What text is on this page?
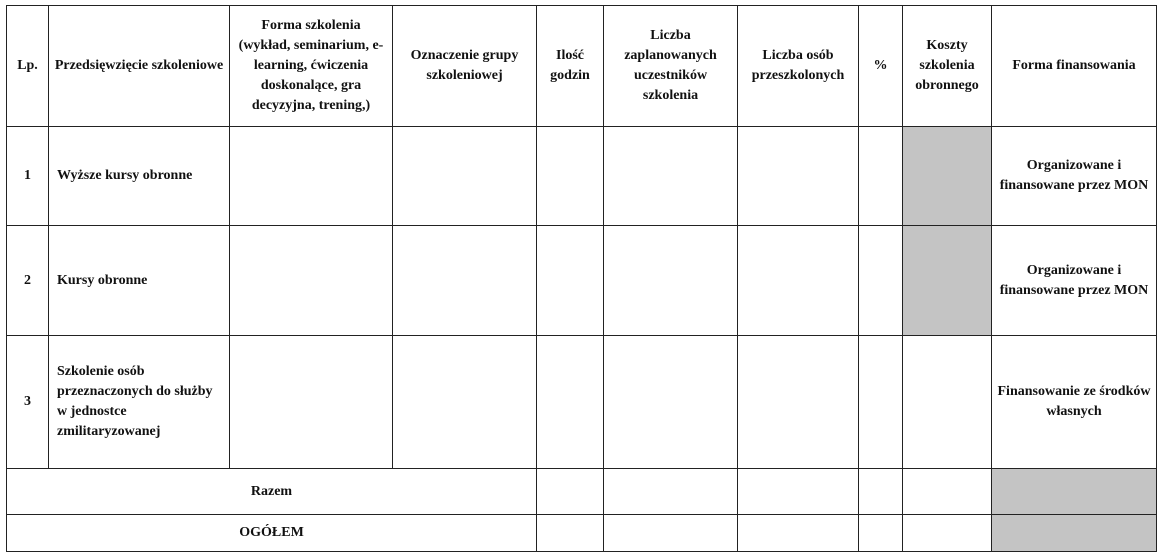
Lp.	Przedsięwzięcie szkoleniowe	Forma szkolenia (wykład, seminarium, e-learning, ćwiczenia doskonalące, gra decyzyjna, trening,)	Oznaczenie grupy szkoleniowej	Ilość godzin	Liczba zaplanowanych uczestników szkolenia	Liczba osób przeszkolonych	%	Koszty szkolenia obronnego	Forma finansowania
1	Wyższe kursy obronne								Organizowane i finansowane przez MON
2	Kursy obronne								Organizowane i finansowane przez MON
3	Szkolenie osób przeznaczonych do służby w jednostce zmilitaryzowanej								Finansowanie ze środków własnych
Razem									
OGÓŁEM									
